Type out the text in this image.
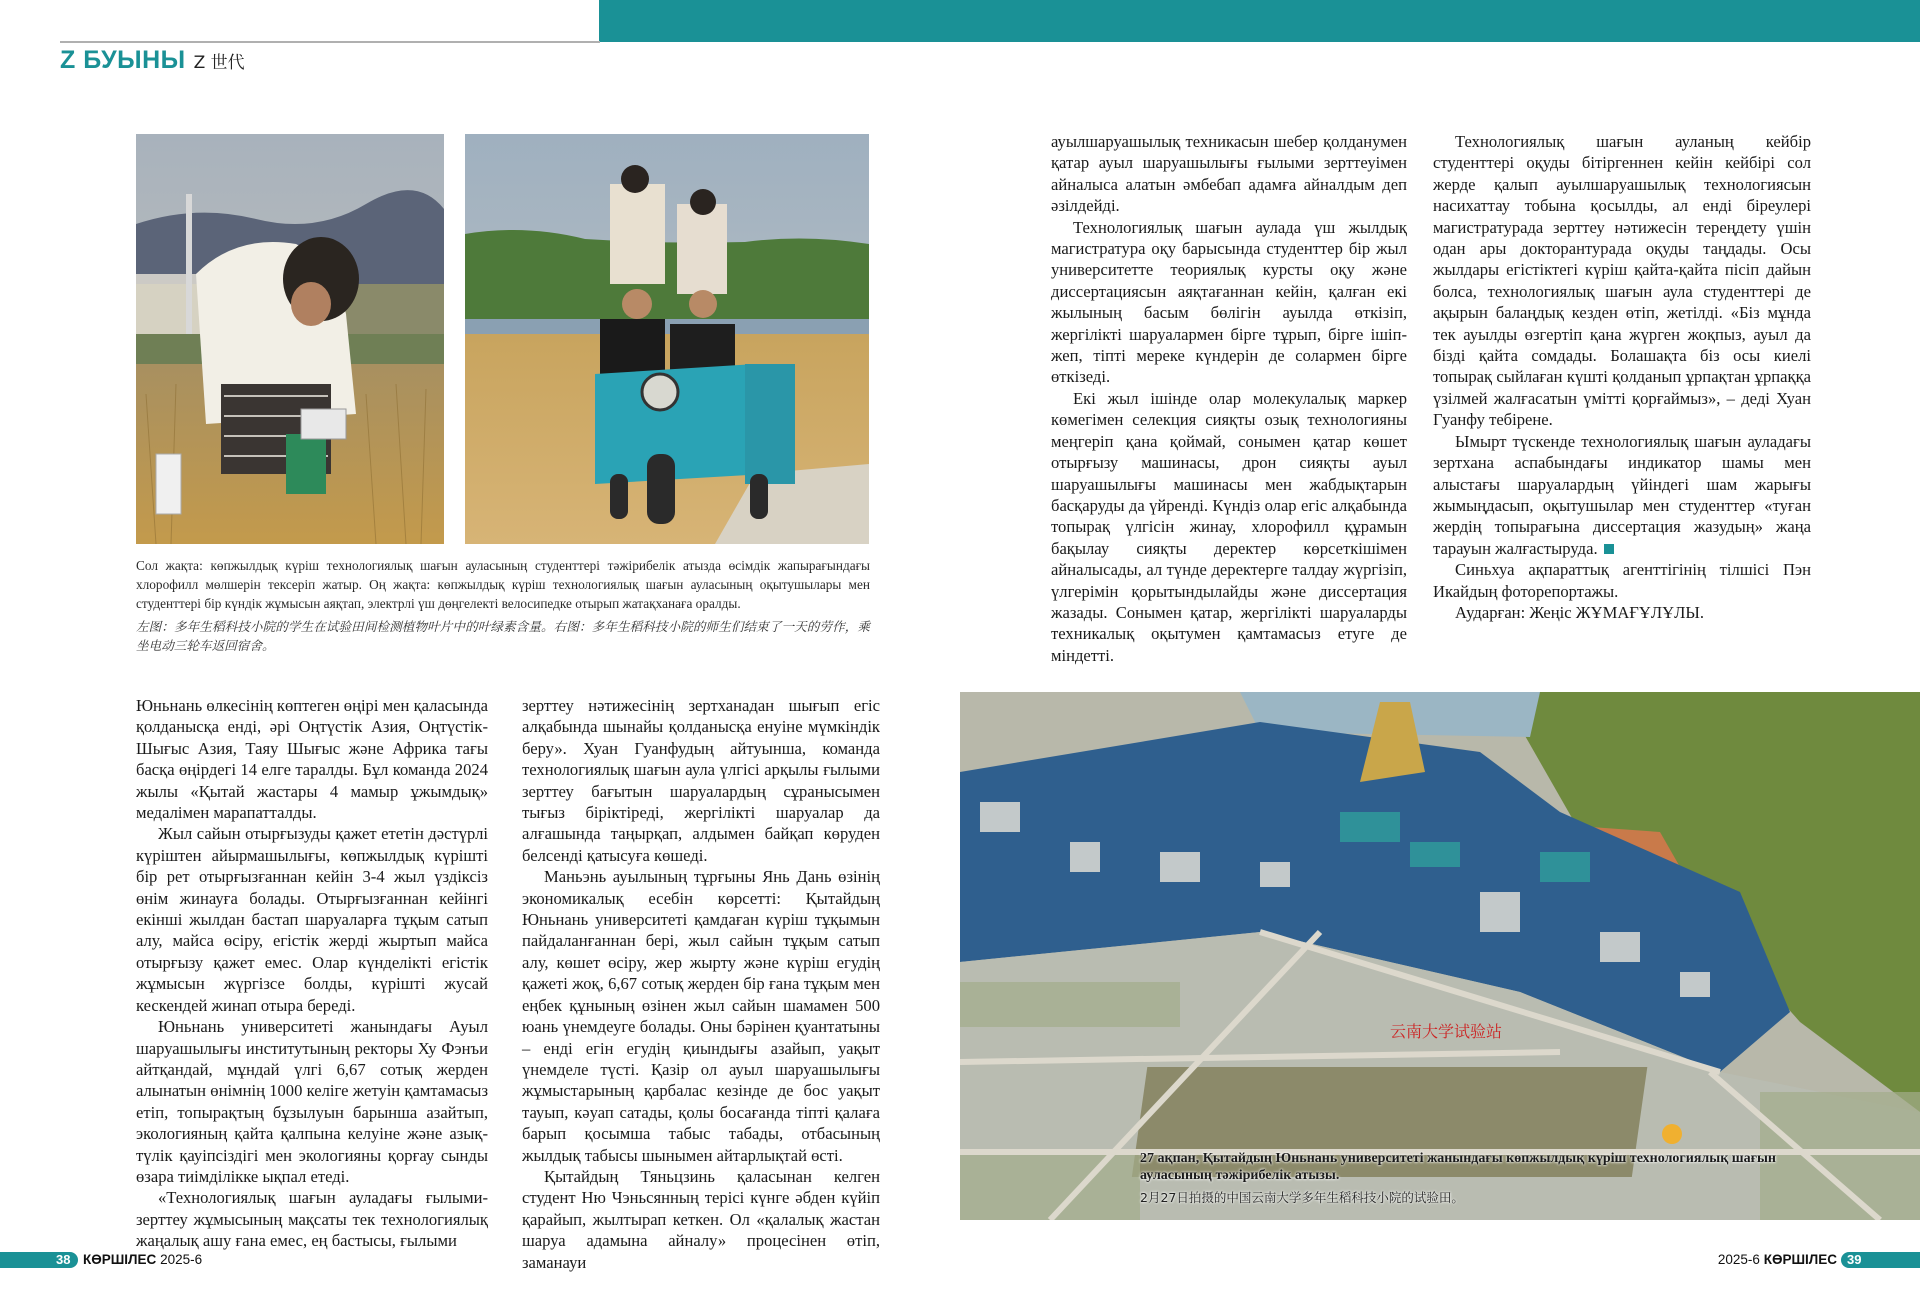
Z БУЫНЫ Z 世代
Сол жақта: көпжылдық күріш технологиялық шағын ауласының студенттері тәжірибелік атызда өсімдік жапырағындағы хлорофилл мөлшерін тексеріп жатыр. Оң жақта: көпжылдық күріш технологиялық шағын ауласының оқытушылары мен студенттері бір күндік жұмысын аяқтап, электрлі үш дөңгелекті велосипедке отырып жатақханаға оралды.
左图：多年生稻科技小院的学生在试验田间检测植物叶片中的叶绿素含量。右图：多年生稻科技小院的师生们结束了一天的劳作，乘坐电动三轮车返回宿舍。

Юньнань өлкесінің көптеген өңірі мен қаласында қолданысқа енді, әрі Оңтүстік Азия, Оңтүстік-Шығыс Азия, Таяу Шығыс және Африка тағы басқа өңірдегі 14 елге таралды. Бұл команда 2024 жылы «Қытай жастары 4 мамыр ұжымдық» медалімен марапатталды.

Жыл сайын отырғызуды қажет ететін дәстүрлі күріштен айырмашылығы, көпжылдық күрішті бір рет отырғызғаннан кейін 3-4 жыл үздіксіз өнім жинауға болады. Отырғызғаннан кейінгі екінші жылдан бастап шаруаларға тұқым сатып алу, майса өсіру, егістік жерді жыртып майса отырғызу қажет емес. Олар күнделікті егістік жұмысын жүргізсе болды, күрішті жусай кескендей жинап отыра береді.

Юньнань университеті жанындағы Ауыл шаруашылығы институтының ректоры Ху Фэнъи айтқандай, мұндай үлгі 6,67 сотық жерден алынатын өнімнің 1000 келіге жетуін қамтамасыз етіп, топырақтың бұзылуын барынша азайтып, экологияның қайта қалпына келуіне және азық-түлік қауіпсіздігі мен экологияны қорғау сынды өзара тиімділікке ықпал етеді.

«Технологиялық шағын ауладағы ғылыми-зерттеу жұмысының мақсаты тек технологиялық жаңалық ашу ғана емес, ең бастысы, ғылыми

зерттеу нәтижесінің зертханадан шығып егіс алқабында шынайы қолданысқа енуіне мүмкіндік беру». Хуан Гуанфудың айтуынша, команда технологиялық шағын аула үлгісі арқылы ғылыми зерттеу бағытын шаруалардың сұранысымен тығыз біріктіреді, жергілікті шаруалар да алғашында таңырқап, алдымен байқап көруден белсенді қатысуға көшеді.

Маньэнь ауылының тұрғыны Янь Дань өзінің экономикалық есебін көрсетті: Қытайдың Юньнань университеті қамдаған күріш тұқымын пайдаланғаннан бері, жыл сайын тұқым сатып алу, көшет өсіру, жер жырту және күріш егудің қажеті жоқ, 6,67 сотық жерден бір ғана тұқым мен еңбек құнының өзінен жыл сайын шамамен 500 юань үнемдеуге болады. Оны бәрінен қуантатыны – енді егін егудің қиындығы азайып, уақыт үнемделе түсті. Қазір ол ауыл шаруашылығы жұмыстарының қарбалас кезінде де бос уақыт тауып, кәуап сатады, қолы босағанда тіпті қалаға барып қосымша табыс табады, отбасының жылдық табысы шынымен айтарлықтай өсті.

Қытайдың Тяньцзинь қаласынан келген студент Ню Чэньсянның терісі күнге әбден күйіп қарайып, жылтырап кеткен. Ол «қалалық жастан шаруа адамына айналу» процесінен өтіп, заманауи

ауылшаруашылық техникасын шебер қолданумен қатар ауыл шаруашылығы ғылыми зерттеуімен айналыса алатын әмбебап адамға айналдым деп әзілдейді.

Технологиялық шағын аулада үш жылдық магистратура оқу барысында студенттер бір жыл университетте теориялық курсты оқу және диссертациясын аяқтағаннан кейін, қалған екі жылының басым бөлігін ауылда өткізіп, жергілікті шаруалармен бірге тұрып, бірге ішіп-жеп, тіпті мереке күндерін де солармен бірге өткізеді.

Екі жыл ішінде олар молекулалық маркер көмегімен селекция сияқты озық технологияны меңгеріп қана қоймай, сонымен қатар көшет отырғызу машинасы, дрон сияқты ауыл шаруашылығы машинасы мен жабдықтарын басқаруды да үйренді. Күндіз олар егіс алқабында топырақ үлгісін жинау, хлорофилл құрамын бақылау сияқты деректер көрсеткішімен айналысады, ал түнде деректерге талдау жүргізіп, үлгерімін қорытындылайды және диссертация жазады. Сонымен қатар, жергілікті шаруаларды техникалық оқытумен қамтамасыз етуге де міндетті.

Технологиялық шағын ауланың кейбір студенттері оқуды бітіргеннен кейін кейбірі сол жерде қалып ауылшаруашылық технологиясын насихаттау тобына қосылды, ал енді біреулері магистратурада зерттеу нәтижесін тереңдету үшін одан ары докторантурада оқуды таңдады. Осы жылдары егістіктегі күріш қайта-қайта пісіп дайын болса, технологиялық шағын аула студенттері де ақырын балаңдық кезден өтіп, жетілді. «Біз мұнда тек ауылды өзгертіп қана жүрген жоқпыз, ауыл да бізді қайта сомдады. Болашақта біз осы киелі топырақ сыйлаған күшті қолданып ұрпақтан ұрпаққа үзілмей жалғасатын үмітті қорғаймыз», – деді Хуан Гуанфу тебірене.

Ымырт түскенде технологиялық шағын ауладағы зертхана аспабындағы индикатор шамы мен алыстағы шаруалардың үйіндегі шам жарығы жымыңдасып, оқытушылар мен студенттер «туған жердің топырағына диссертация жазудың» жаңа тарауын жалғастыруда.

Синьхуа ақпараттық агенттігінің тілшісі Пэн Икайдың фоторепортажы.

Аударған: Жеңіс ЖҰМАҒҰЛҰЛЫ.

云南大学试验站
27 ақпан, Қытайдың Юньнань университеті жанындағы көпжылдық күріш технологиялық шағын ауласының тәжірибелік атызы.
2月27日拍摄的中国云南大学多年生稻科技小院的试验田。
38 КӨРШІЛЕС 2025-6	2025-6 КӨРШІЛЕС 39
